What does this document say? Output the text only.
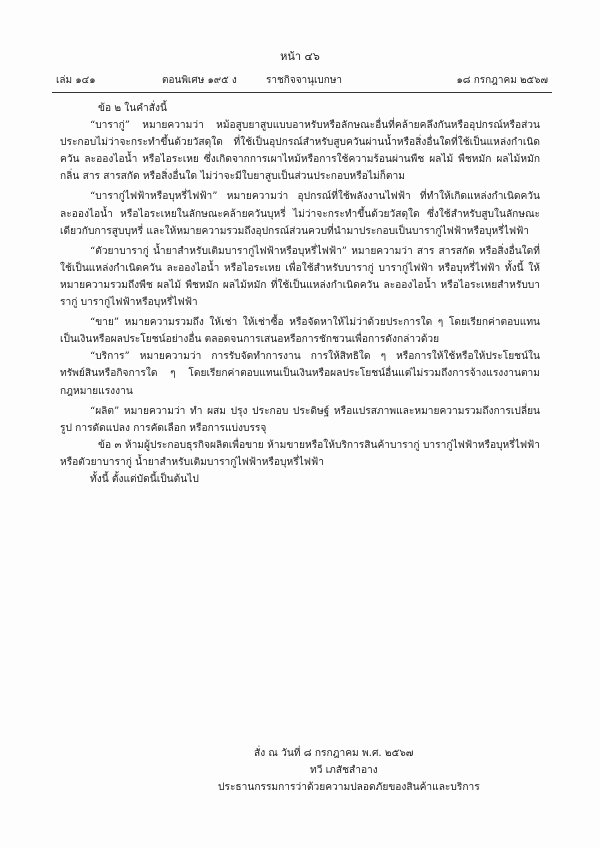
หน้า ๔๖
เล่ม ๑๔๑	ตอนพิเศษ ๑๙๕ ง	ราชกิจจานุเบกษา	๑๘ กรกฎาคม ๒๕๖๗

ข้อ ๒ ในคำสั่งนี้

“บารากู่” หมายความว่า หม้อสูบยาสูบแบบอาหรับหรือลักษณะอื่นที่คล้ายคลึงกันหรืออุปกรณ์หรือส่วนประกอบไม่ว่าจะกระทำขึ้นด้วยวัสดุใด ที่ใช้เป็นอุปกรณ์สำหรับสูบควันผ่านน้ำหรือสิ่งอื่นใดที่ใช้เป็นแหล่งกำเนิดควัน ละอองไอน้ำ หรือไอระเหย ซึ่งเกิดจากการเผาไหม้หรือการใช้ความร้อนผ่านพืช ผลไม้ พืชหมัก ผลไม้หมัก กลิ่น สาร สารสกัด หรือสิ่งอื่นใด ไม่ว่าจะมีใบยาสูบเป็นส่วนประกอบหรือไม่ก็ตาม

“บารากู่ไฟฟ้าหรือบุหรี่ไฟฟ้า” หมายความว่า อุปกรณ์ที่ใช้พลังงานไฟฟ้า ที่ทำให้เกิดแหล่งกำเนิดควัน ละอองไอน้ำ หรือไอระเหยในลักษณะคล้ายควันบุหรี่ ไม่ว่าจะกระทำขึ้นด้วยวัสดุใด ซึ่งใช้สำหรับสูบในลักษณะเดียวกับการสูบบุหรี่ และให้หมายความรวมถึงอุปกรณ์ส่วนควบที่นำมาประกอบเป็นบารากู่ไฟฟ้าหรือบุหรี่ไฟฟ้า

“ตัวยาบารากู่ น้ำยาสำหรับเติมบารากู่ไฟฟ้าหรือบุหรี่ไฟฟ้า” หมายความว่า สาร สารสกัด หรือสิ่งอื่นใดที่ใช้เป็นแหล่งกำเนิดควัน ละอองไอน้ำ หรือไอระเหย เพื่อใช้สำหรับบารากู่ บารากู่ไฟฟ้า หรือบุหรี่ไฟฟ้า ทั้งนี้ ให้หมายความรวมถึงพืช ผลไม้ พืชหมัก ผลไม้หมัก ที่ใช้เป็นแหล่งกำเนิดควัน ละอองไอน้ำ หรือไอระเหยสำหรับบารากู่ บารากู่ไฟฟ้าหรือบุหรี่ไฟฟ้า

“ขาย” หมายความรวมถึง ให้เช่า ให้เช่าซื้อ หรือจัดหาให้ไม่ว่าด้วยประการใด ๆ โดยเรียกค่าตอบแทนเป็นเงินหรือผลประโยชน์อย่างอื่น ตลอดจนการเสนอหรือการชักชวนเพื่อการดังกล่าวด้วย

“บริการ” หมายความว่า การรับจัดทำการงาน การให้สิทธิใด ๆ หรือการให้ใช้หรือให้ประโยชน์ในทรัพย์สินหรือกิจการใด ๆ โดยเรียกค่าตอบแทนเป็นเงินหรือผลประโยชน์อื่นแต่ไม่รวมถึงการจ้างแรงงานตามกฎหมายแรงงาน

“ผลิต” หมายความว่า ทำ ผสม ปรุง ประกอบ ประดิษฐ์ หรือแปรสภาพและหมายความรวมถึงการเปลี่ยนรูป การดัดแปลง การคัดเลือก หรือการแบ่งบรรจุ

ข้อ ๓ ห้ามผู้ประกอบธุรกิจผลิตเพื่อขาย ห้ามขายหรือให้บริการสินค้าบารากู่ บารากู่ไฟฟ้าหรือบุหรี่ไฟฟ้า หรือตัวยาบารากู่ น้ำยาสำหรับเติมบารากู่ไฟฟ้าหรือบุหรี่ไฟฟ้า

ทั้งนี้ ตั้งแต่บัดนี้เป็นต้นไป

สั่ง ณ วันที่ ๘ กรกฎาคม พ.ศ. ๒๕๖๗
ทวี เภสัชสำอาง
ประธานกรรมการว่าด้วยความปลอดภัยของสินค้าและบริการ
